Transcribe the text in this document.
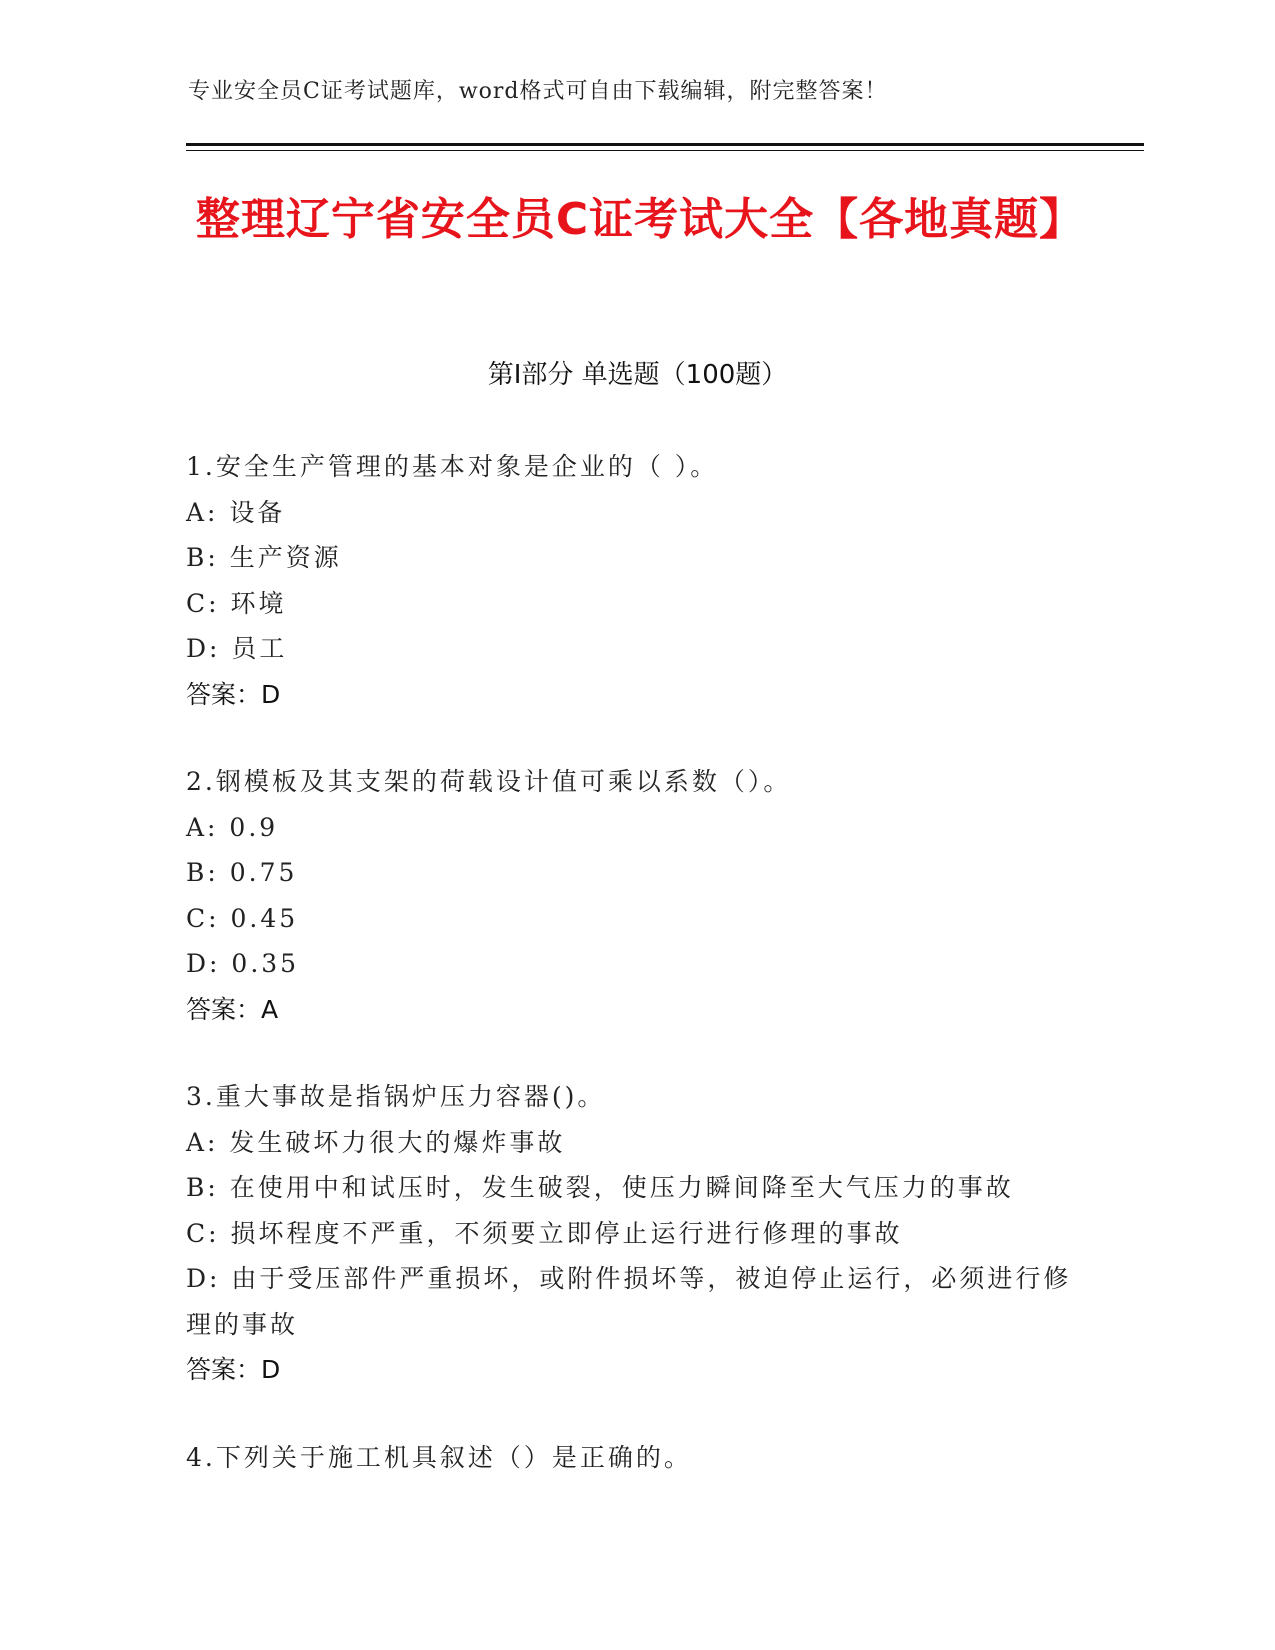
专业安全员C证考试题库，word格式可自由下载编辑，附完整答案！
整理辽宁省安全员C证考试大全【各地真题】
第I部分 单选题（100题）
1.安全生产管理的基本对象是企业的（ ）。
A: 设备
B: 生产资源
C: 环境
D: 员工
答案：D
2.钢模板及其支架的荷载设计值可乘以系数（）。
A: 0.9
B: 0.75
C: 0.45
D: 0.35
答案：A
3.重大事故是指锅炉压力容器()。
A: 发生破坏力很大的爆炸事故
B: 在使用中和试压时，发生破裂，使压力瞬间降至大气压力的事故
C: 损坏程度不严重，不须要立即停止运行进行修理的事故
D: 由于受压部件严重损坏，或附件损坏等，被迫停止运行，必须进行修理的事故
答案：D
4.下列关于施工机具叙述（）是正确的。
